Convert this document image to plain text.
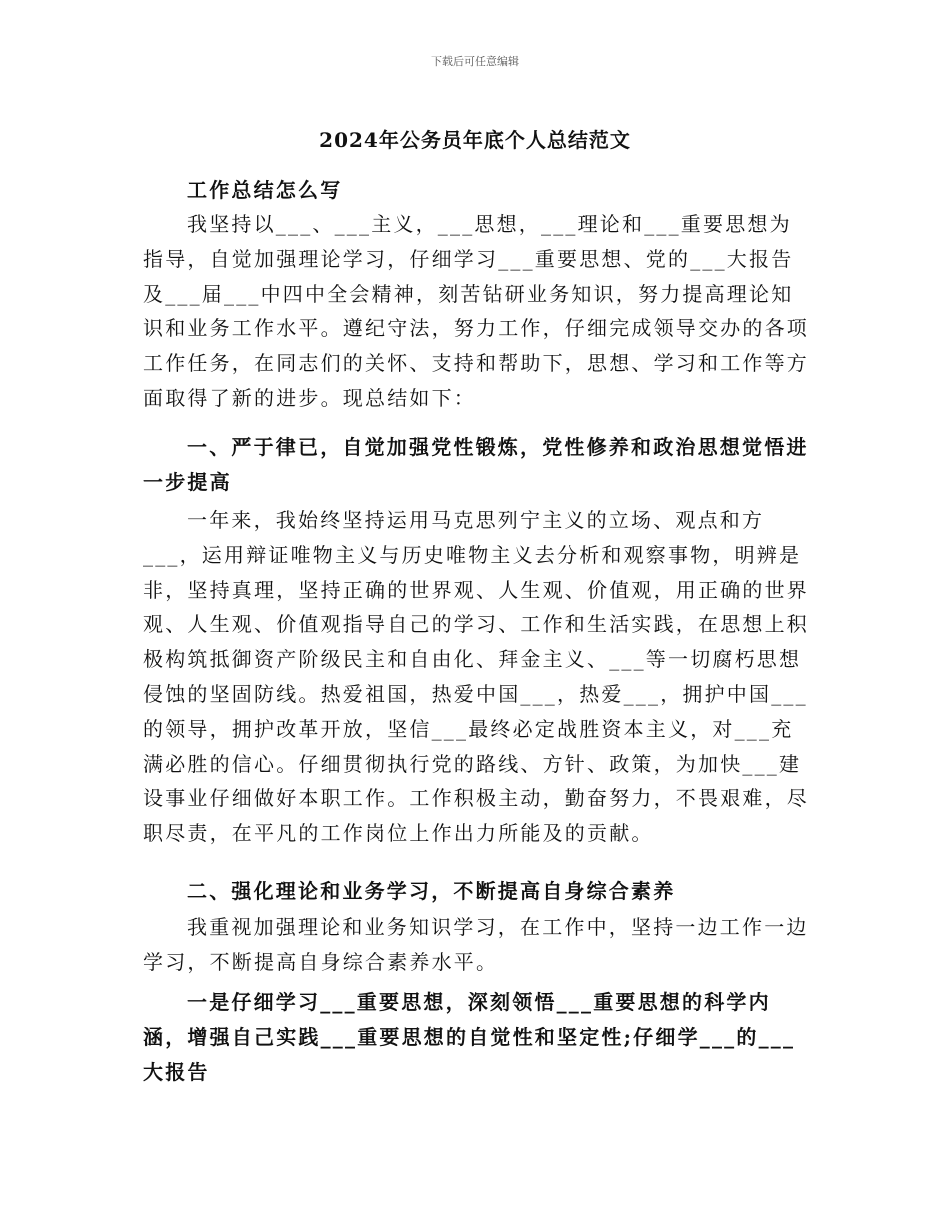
下载后可任意编辑
2024年公务员年底个人总结范文

工作总结怎么写

我坚持以___、___主义，___思想，___理论和___重要思想为指导，自觉加强理论学习，仔细学习___重要思想、党的___大报告及___届___中四中全会精神，刻苦钻研业务知识，努力提高理论知识和业务工作水平。遵纪守法，努力工作，仔细完成领导交办的各项工作任务，在同志们的关怀、支持和帮助下，思想、学习和工作等方面取得了新的进步。现总结如下：

一、严于律已，自觉加强党性锻炼，党性修养和政治思想觉悟进一步提高

一年来，我始终坚持运用马克思列宁主义的立场、观点和方___，运用辩证唯物主义与历史唯物主义去分析和观察事物，明辨是非，坚持真理，坚持正确的世界观、人生观、价值观，用正确的世界观、人生观、价值观指导自己的学习、工作和生活实践，在思想上积极构筑抵御资产阶级民主和自由化、拜金主义、___等一切腐朽思想侵蚀的坚固防线。热爱祖国，热爱中国___，热爱___，拥护中国___的领导，拥护改革开放，坚信___最终必定战胜资本主义，对___充满必胜的信心。仔细贯彻执行党的路线、方针、政策，为加快___建设事业仔细做好本职工作。工作积极主动，勤奋努力，不畏艰难，尽职尽责，在平凡的工作岗位上作出力所能及的贡献。

二、强化理论和业务学习，不断提高自身综合素养

我重视加强理论和业务知识学习，在工作中，坚持一边工作一边学习，不断提高自身综合素养水平。

一是仔细学习___重要思想，深刻领悟___重要思想的科学内涵，增强自己实践___重要思想的自觉性和坚定性;仔细学___的___大报告
